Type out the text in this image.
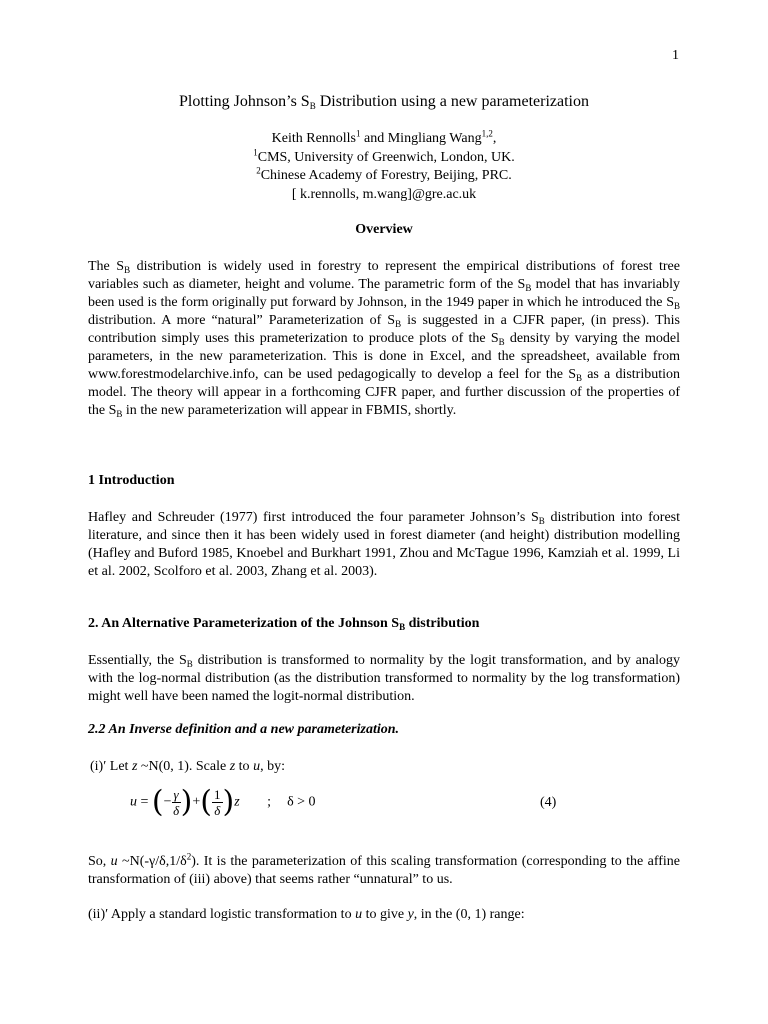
1
Plotting Johnson’s SB Distribution using a new parameterization
Keith Rennolls$^1$ and Mingliang Wang$^{1,2}$,
$^1$CMS, University of Greenwich, London, UK.
$^2$Chinese Academy of Forestry, Beijing, PRC.
[ k.rennolls, m.wang]@gre.ac.uk
Overview
The $S_B$ distribution is widely used in forestry to represent the empirical distributions of forest tree variables such as diameter, height and volume. The parametric form of the $S_B$ model that has invariably been used is the form originally put forward by Johnson, in the 1949 paper in which he introduced the $S_B$ distribution. A more “natural” Parameterization of $S_B$ is suggested in a CJFR paper, (in press). This contribution simply uses this prameterization to produce plots of the $S_B$ density by varying the model parameters, in the new parameterization. This is done in Excel, and the spreadsheet, available from www.forestmodelarchive.info, can be used pedagogically to develop a feel for the $S_B$ as a distribution model. The theory will appear in a forthcoming CJFR paper, and further discussion of the properties of the $S_B$ in the new parameterization will appear in FBMIS, shortly.
1 Introduction
Hafley and Schreuder (1977) first introduced the four parameter Johnson’s $S_B$ distribution into forest literature, and since then it has been widely used in forest diameter (and height) distribution modelling (Hafley and Buford 1985, Knoebel and Burkhart 1991, Zhou and McTague 1996, Kamziah et al. 1999, Li et al. 2002, Scolforo et al. 2003, Zhang et al. 2003).
2. An Alternative Parameterization of the Johnson $S_B$ distribution
Essentially, the $S_B$ distribution is transformed to normality by the logit transformation, and by analogy with the log-normal distribution (as the distribution transformed to normality by the log transformation) might well have been named the logit-normal distribution.
2.2 An Inverse definition and a new parameterization.
(i)′ Let z ~N(0, 1). Scale z to u, by:
u = (− $\frac{\gamma}{\delta}$ )+( $\frac{1}{\delta} )z$ ; δ > 0	(4)
So, u $\sim N(-\gamma/\delta,1/\delta^2)$. It is the parameterization of this scaling transformation (corresponding to the affine transformation of (iii) above) that seems rather “unnatural” to us.
(ii)′ Apply a standard logistic transformation to u to give y, in the (0, 1) range:
